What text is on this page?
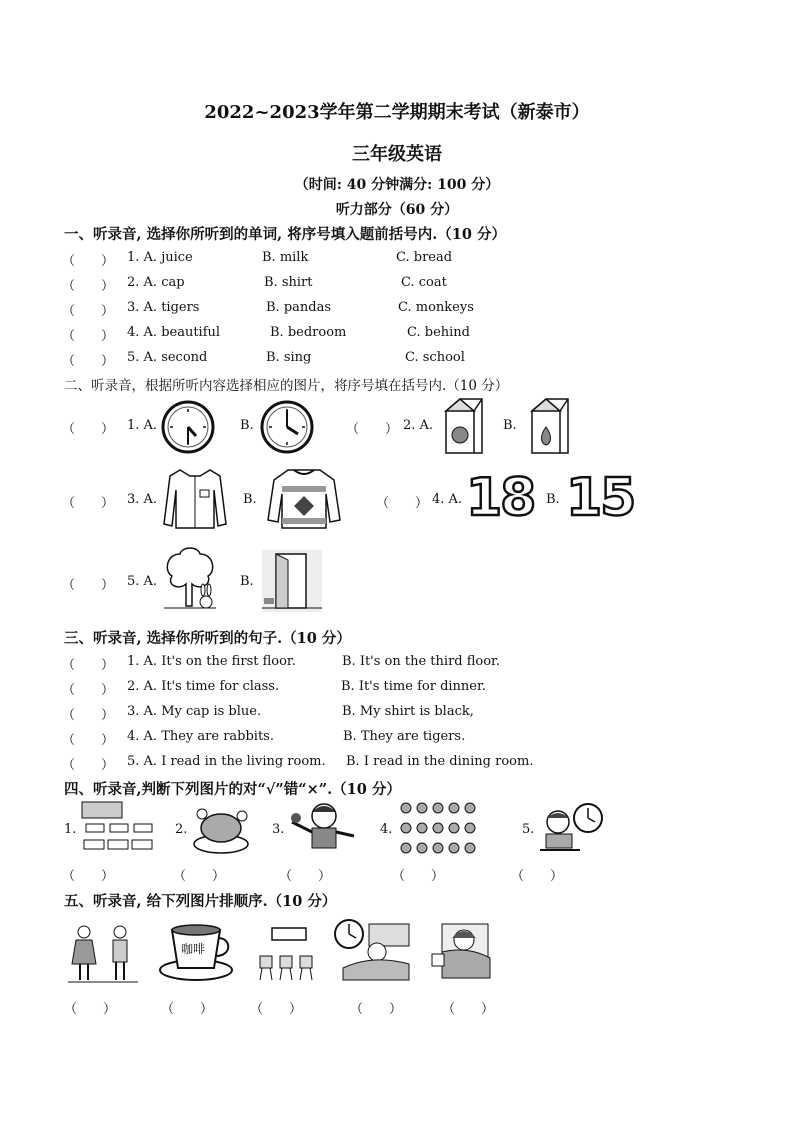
2022~2023学年第二学期期末考试（新泰市）
三年级英语
（时间: 40 分钟满分: 100 分）
听力部分（60 分）
一、听录音, 选择你所听到的单词, 将序号填入题前括号内.（10 分）
（　　） 1. A. juice	B. milk	C. bread
（　　） 2. A. cap	B. shirt	C. coat
（　　） 3. A. tigers	B. pandas	C. monkeys
（　　） 4. A. beautiful	B. bedroom	C. behind
（　　） 5. A. second	B. sing	C. school
二、听录音，根据所听内容选择相应的图片，将序号填在括号内.（10 分）
（　　） 1. A.	B.	（　　） 2. A.	B.
（　　） 3. A.	B.	（　　） 4. A. 18 B. 15
（　　） 5. A.	B.
三、听录音, 选择你所听到的句子.（10 分）
（　　） 1. A. It's on the first floor.	B. It's on the third floor.
（　　） 2. A. It's time for class.	B. It's time for dinner.
（　　） 3. A. My cap is blue.	B. My shirt is black,
（　　） 4. A. They are rabbits.	B. They are tigers.
（　　） 5. A. I read in the living room. B. I read in the dining room.
四、听录音,判断下列图片的对“√”错“×”.（10 分）
1.	2.	3.	4.	5.
（　　）	（　　）	（　　）	（　　）	（　　）
五、听录音, 给下列图片排顺序.（10 分）
咖啡
（　　）	（　　）	（　　）	（　　）	（　　）
